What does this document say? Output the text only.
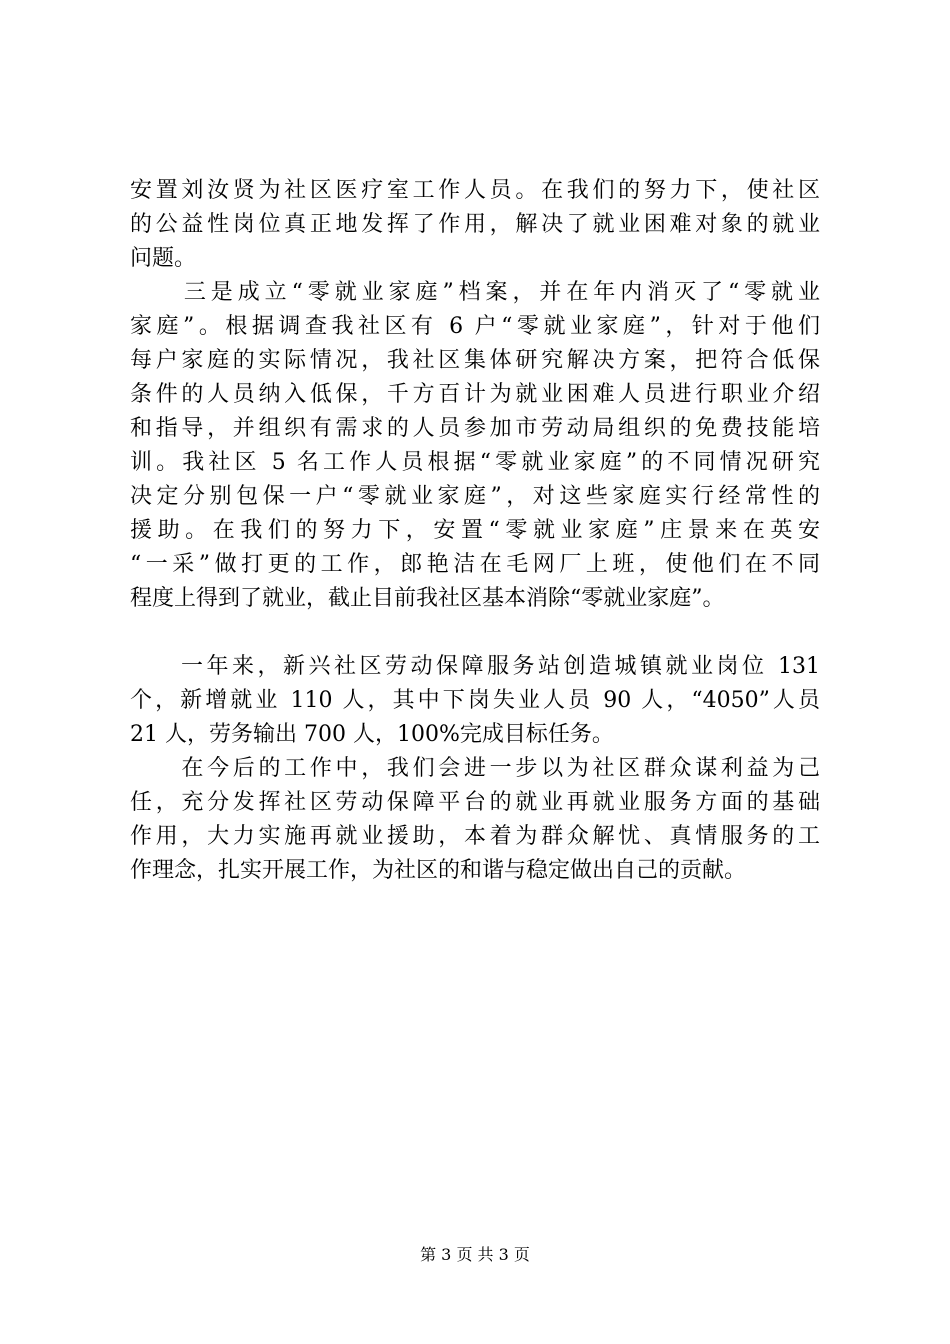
安置刘汝贤为社区医疗室工作人员。在我们的努力下，使社区
的公益性岗位真正地发挥了作用，解决了就业困难对象的就业
问题。
　　三是成立“零就业家庭”档案，并在年内消灭了“零就业
家庭”。根据调查我社区有 6 户“零就业家庭”，针对于他们
每户家庭的实际情况，我社区集体研究解决方案，把符合低保
条件的人员纳入低保，千方百计为就业困难人员进行职业介绍
和指导，并组织有需求的人员参加市劳动局组织的免费技能培
训。我社区 5 名工作人员根据“零就业家庭”的不同情况研究
决定分别包保一户“零就业家庭”，对这些家庭实行经常性的
援助。在我们的努力下，安置“零就业家庭”庄景来在英安
“一采”做打更的工作，郎艳洁在毛网厂上班，使他们在不同
程度上得到了就业，截止目前我社区基本消除“零就业家庭”。
　　一年来，新兴社区劳动保障服务站创造城镇就业岗位 131
个，新增就业 110 人，其中下岗失业人员 90 人，“4050”人员
21 人，劳务输出 700 人，100%完成目标任务。
　　在今后的工作中，我们会进一步以为社区群众谋利益为己
任，充分发挥社区劳动保障平台的就业再就业服务方面的基础
作用，大力实施再就业援助，本着为群众解忧、真情服务的工
作理念，扎实开展工作，为社区的和谐与稳定做出自己的贡献。
第 3 页 共 3 页
